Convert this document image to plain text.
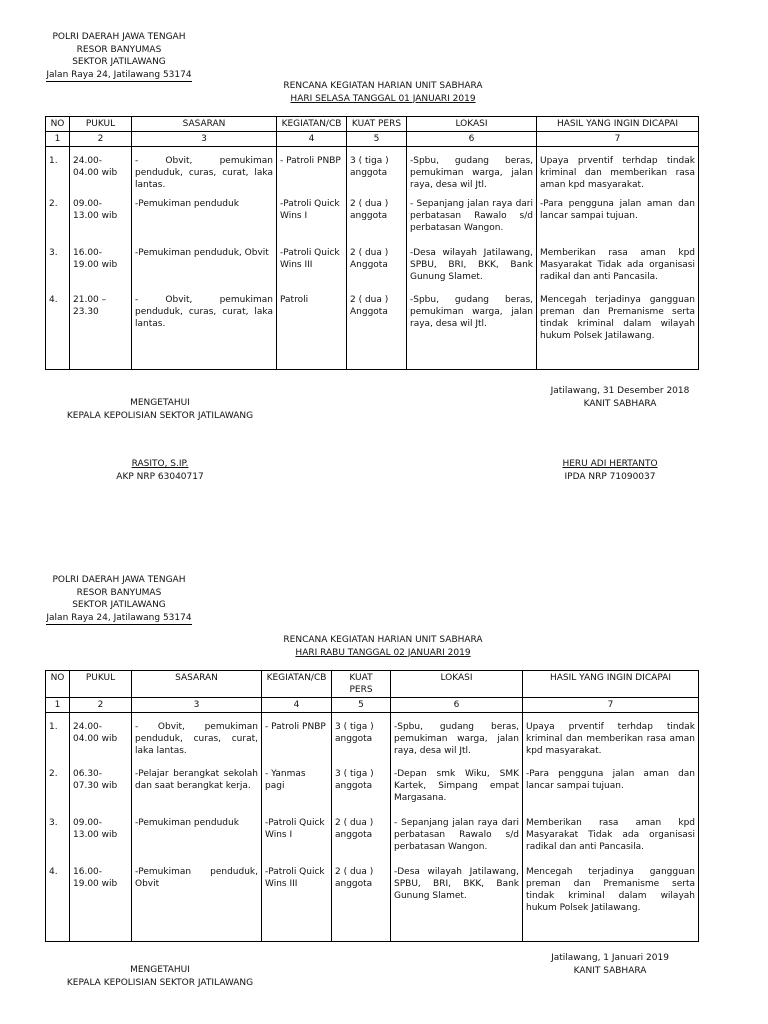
POLRI DAERAH JAWA TENGAH
RESOR BANYUMAS
SEKTOR JATILAWANG
Jalan Raya 24, Jatilawang 53174
RENCANA KEGIATAN HARIAN UNIT SABHARA
HARI SELASA TANGGAL 01 JANUARI 2019
NO	PUKUL	SASARAN	KEGIATAN/CB	KUAT PERS	LOKASI	HASIL YANG INGIN DICAPAI
1	2	3	4	5	6	7
1.	24.00-
04.00 wib	- Obvit, pemukiman penduduk, curas, curat, laka lantas.	- Patroli PNBP	3 ( tiga )
anggota	-Spbu, gudang beras, pemukiman warga, jalan raya, desa wil Jtl.	Upaya prventif terhdap tindak kriminal dan memberikan rasa aman kpd masyarakat.
2.	09.00-
13.00 wib	-Pemukiman penduduk	-Patroli Quick Wins I	2 ( dua )
anggota	- Sepanjang jalan raya dari perbatasan Rawalo s/d perbatasan Wangon.	-Para pengguna jalan aman dan lancar sampai tujuan.
3.	16.00-
19.00 wib	-Pemukiman penduduk, Obvit	-Patroli Quick Wins III	2 ( dua )
Anggota	-Desa wilayah Jatilawang, SPBU, BRI, BKK, Bank Gunung Slamet.	Memberikan rasa aman kpd Masyarakat Tidak ada organisasi radikal dan anti Pancasila.
4.	21.00 –
23.30	- Obvit, pemukiman penduduk, curas, curat, laka lantas.	Patroli	2 ( dua )
Anggota	-Spbu, gudang beras, pemukiman warga, jalan raya, desa wil Jtl.	Mencegah terjadinya gangguan preman dan Premanisme serta tindak kriminal dalam wilayah hukum Polsek Jatilawang.
Jatilawang, 31 Desember 2018
KANIT SABHARA
MENGETAHUI
KEPALA KEPOLISIAN SEKTOR JATILAWANG
RASITO, S.IP.
AKP NRP 63040717
HERU ADI HERTANTO
IPDA NRP 71090037
POLRI DAERAH JAWA TENGAH
RESOR BANYUMAS
SEKTOR JATILAWANG
Jalan Raya 24, Jatilawang 53174
RENCANA KEGIATAN HARIAN UNIT SABHARA
HARI RABU TANGGAL 02 JANUARI 2019
NO	PUKUL	SASARAN	KEGIATAN/CB	KUAT
PERS	LOKASI	HASIL YANG INGIN DICAPAI
1	2	3	4	5	6	7
1.	24.00-
04.00 wib	- Obvit, pemukiman penduduk, curas, curat, laka lantas.	- Patroli PNBP	3 ( tiga )
anggota	-Spbu, gudang beras, pemukiman warga, jalan raya, desa wil Jtl.	Upaya prventif terhdap tindak kriminal dan memberikan rasa aman kpd masyarakat.
2.	06.30-
07.30 wib	-Pelajar berangkat sekolah dan saat berangkat kerja.	- Yanmas
pagi	3 ( tiga )
anggota	-Depan smk Wiku, SMK Kartek, Simpang empat Margasana.	-Para pengguna jalan aman dan lancar sampai tujuan.
3.	09.00-
13.00 wib	-Pemukiman penduduk	-Patroli Quick Wins I	2 ( dua )
anggota	- Sepanjang jalan raya dari perbatasan Rawalo s/d perbatasan Wangon.	Memberikan rasa aman kpd Masyarakat Tidak ada organisasi radikal dan anti Pancasila.
4.	16.00-
19.00 wib	-Pemukiman penduduk, Obvit	-Patroli Quick Wins III	2 ( dua )
anggota	-Desa wilayah Jatilawang, SPBU, BRI, BKK, Bank Gunung Slamet.	Mencegah terjadinya gangguan preman dan Premanisme serta tindak kriminal dalam wilayah hukum Polsek Jatilawang.
Jatilawang, 1 Januari 2019
KANIT SABHARA
MENGETAHUI
KEPALA KEPOLISIAN SEKTOR JATILAWANG
